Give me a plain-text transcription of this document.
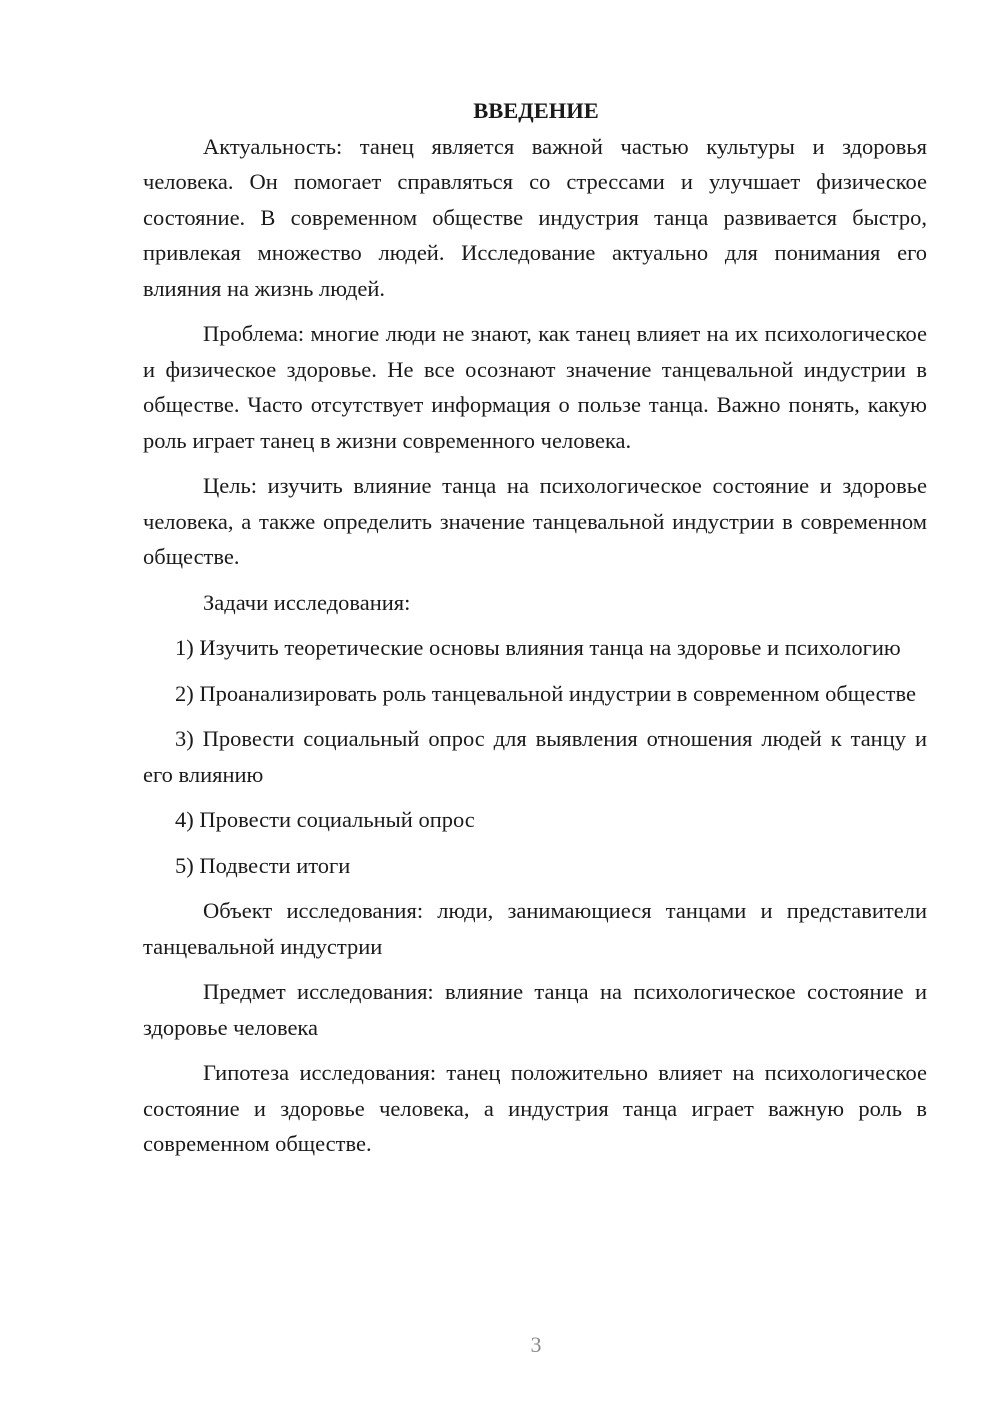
ВВЕДЕНИЕ

Актуальность: танец является важной частью культуры и здоровья человека. Он помогает справляться со стрессами и улучшает физическое состояние. В современном обществе индустрия танца развивается быстро, привлекая множество людей. Исследование актуально для понимания его влияния на жизнь людей.

Проблема: многие люди не знают, как танец влияет на их психологическое и физическое здоровье. Не все осознают значение танцевальной индустрии в обществе. Часто отсутствует информация о пользе танца. Важно понять, какую роль играет танец в жизни современного человека.

Цель: изучить влияние танца на психологическое состояние и здоровье человека, а также определить значение танцевальной индустрии в современном обществе.

Задачи исследования:

1) Изучить теоретические основы влияния танца на здоровье и психологию

2) Проанализировать роль танцевальной индустрии в современном обществе

3) Провести социальный опрос для выявления отношения людей к танцу и его влиянию

4) Провести социальный опрос

5) Подвести итоги

Объект исследования: люди, занимающиеся танцами и представители танцевальной индустрии

Предмет исследования: влияние танца на психологическое состояние и здоровье человека

Гипотеза исследования: танец положительно влияет на психологическое состояние и здоровье человека, а индустрия танца играет важную роль в современном обществе.

3
